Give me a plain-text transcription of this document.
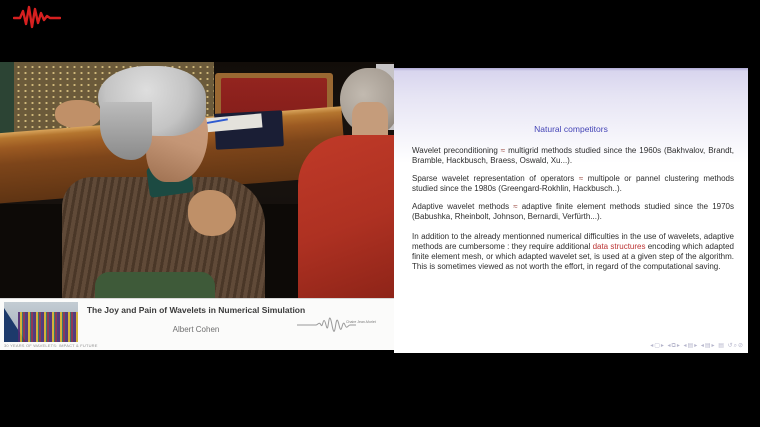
30 YEARS OF WAVELETS: IMPACT & FUTURE
The Joy and Pain of Wavelets in Numerical Simulation
Albert Cohen
Chaire Jean-Morlet
Natural competitors

Wavelet preconditioning ≈ multigrid methods studied since the 1960s (Bakhvalov, Brandt, Bramble, Hackbusch, Braess, Oswald, Xu...).

Sparse wavelet representation of operators ≈ multipole or pannel clustering methods studied since the 1980s (Greengard-Rokhlin, Hackbusch..).

Adaptive wavelet methods ≈ adaptive finite element methods studied since the 1970s (Babushka, Rheinbolt, Johnson, Bernardi, Verfürth...).

In addition to the already mentionned numerical difficulties in the use of wavelets, adaptive methods are cumbersome : they require additional data structures encoding which adapted finite element mesh, or which adapted wavelet set, is used at a given step of the algorithm. This is sometimes viewed as not worth the effort, in regard of the computational saving.

◂▢▸ ◂⧉▸ ◂▤▸ ◂▤▸ ▤ ↺⌕⊘
